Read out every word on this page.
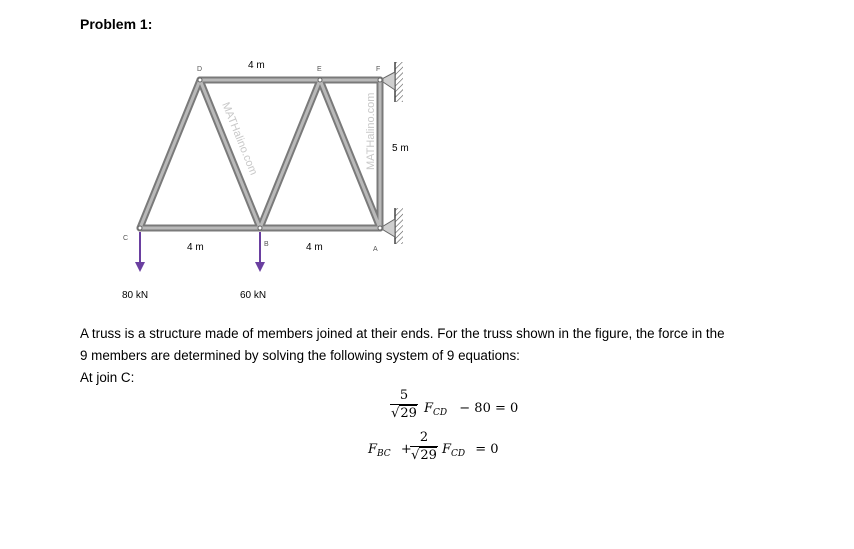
Problem 1:
MATHalino.com	MATHalino.com
D	E	F
C
B
A
4 m
4 m	4 m
5 m
80 kN	60 kN
A truss is a structure made of members joined at their ends. For the truss shown in the figure, the force in the
9 members are determined by solving the following system of 9 equations:
At join C:
5
√29 $F_{CD} - 80 = 0$
$F_{BC}$ +
2
√29 $F_{CD} = 0$
